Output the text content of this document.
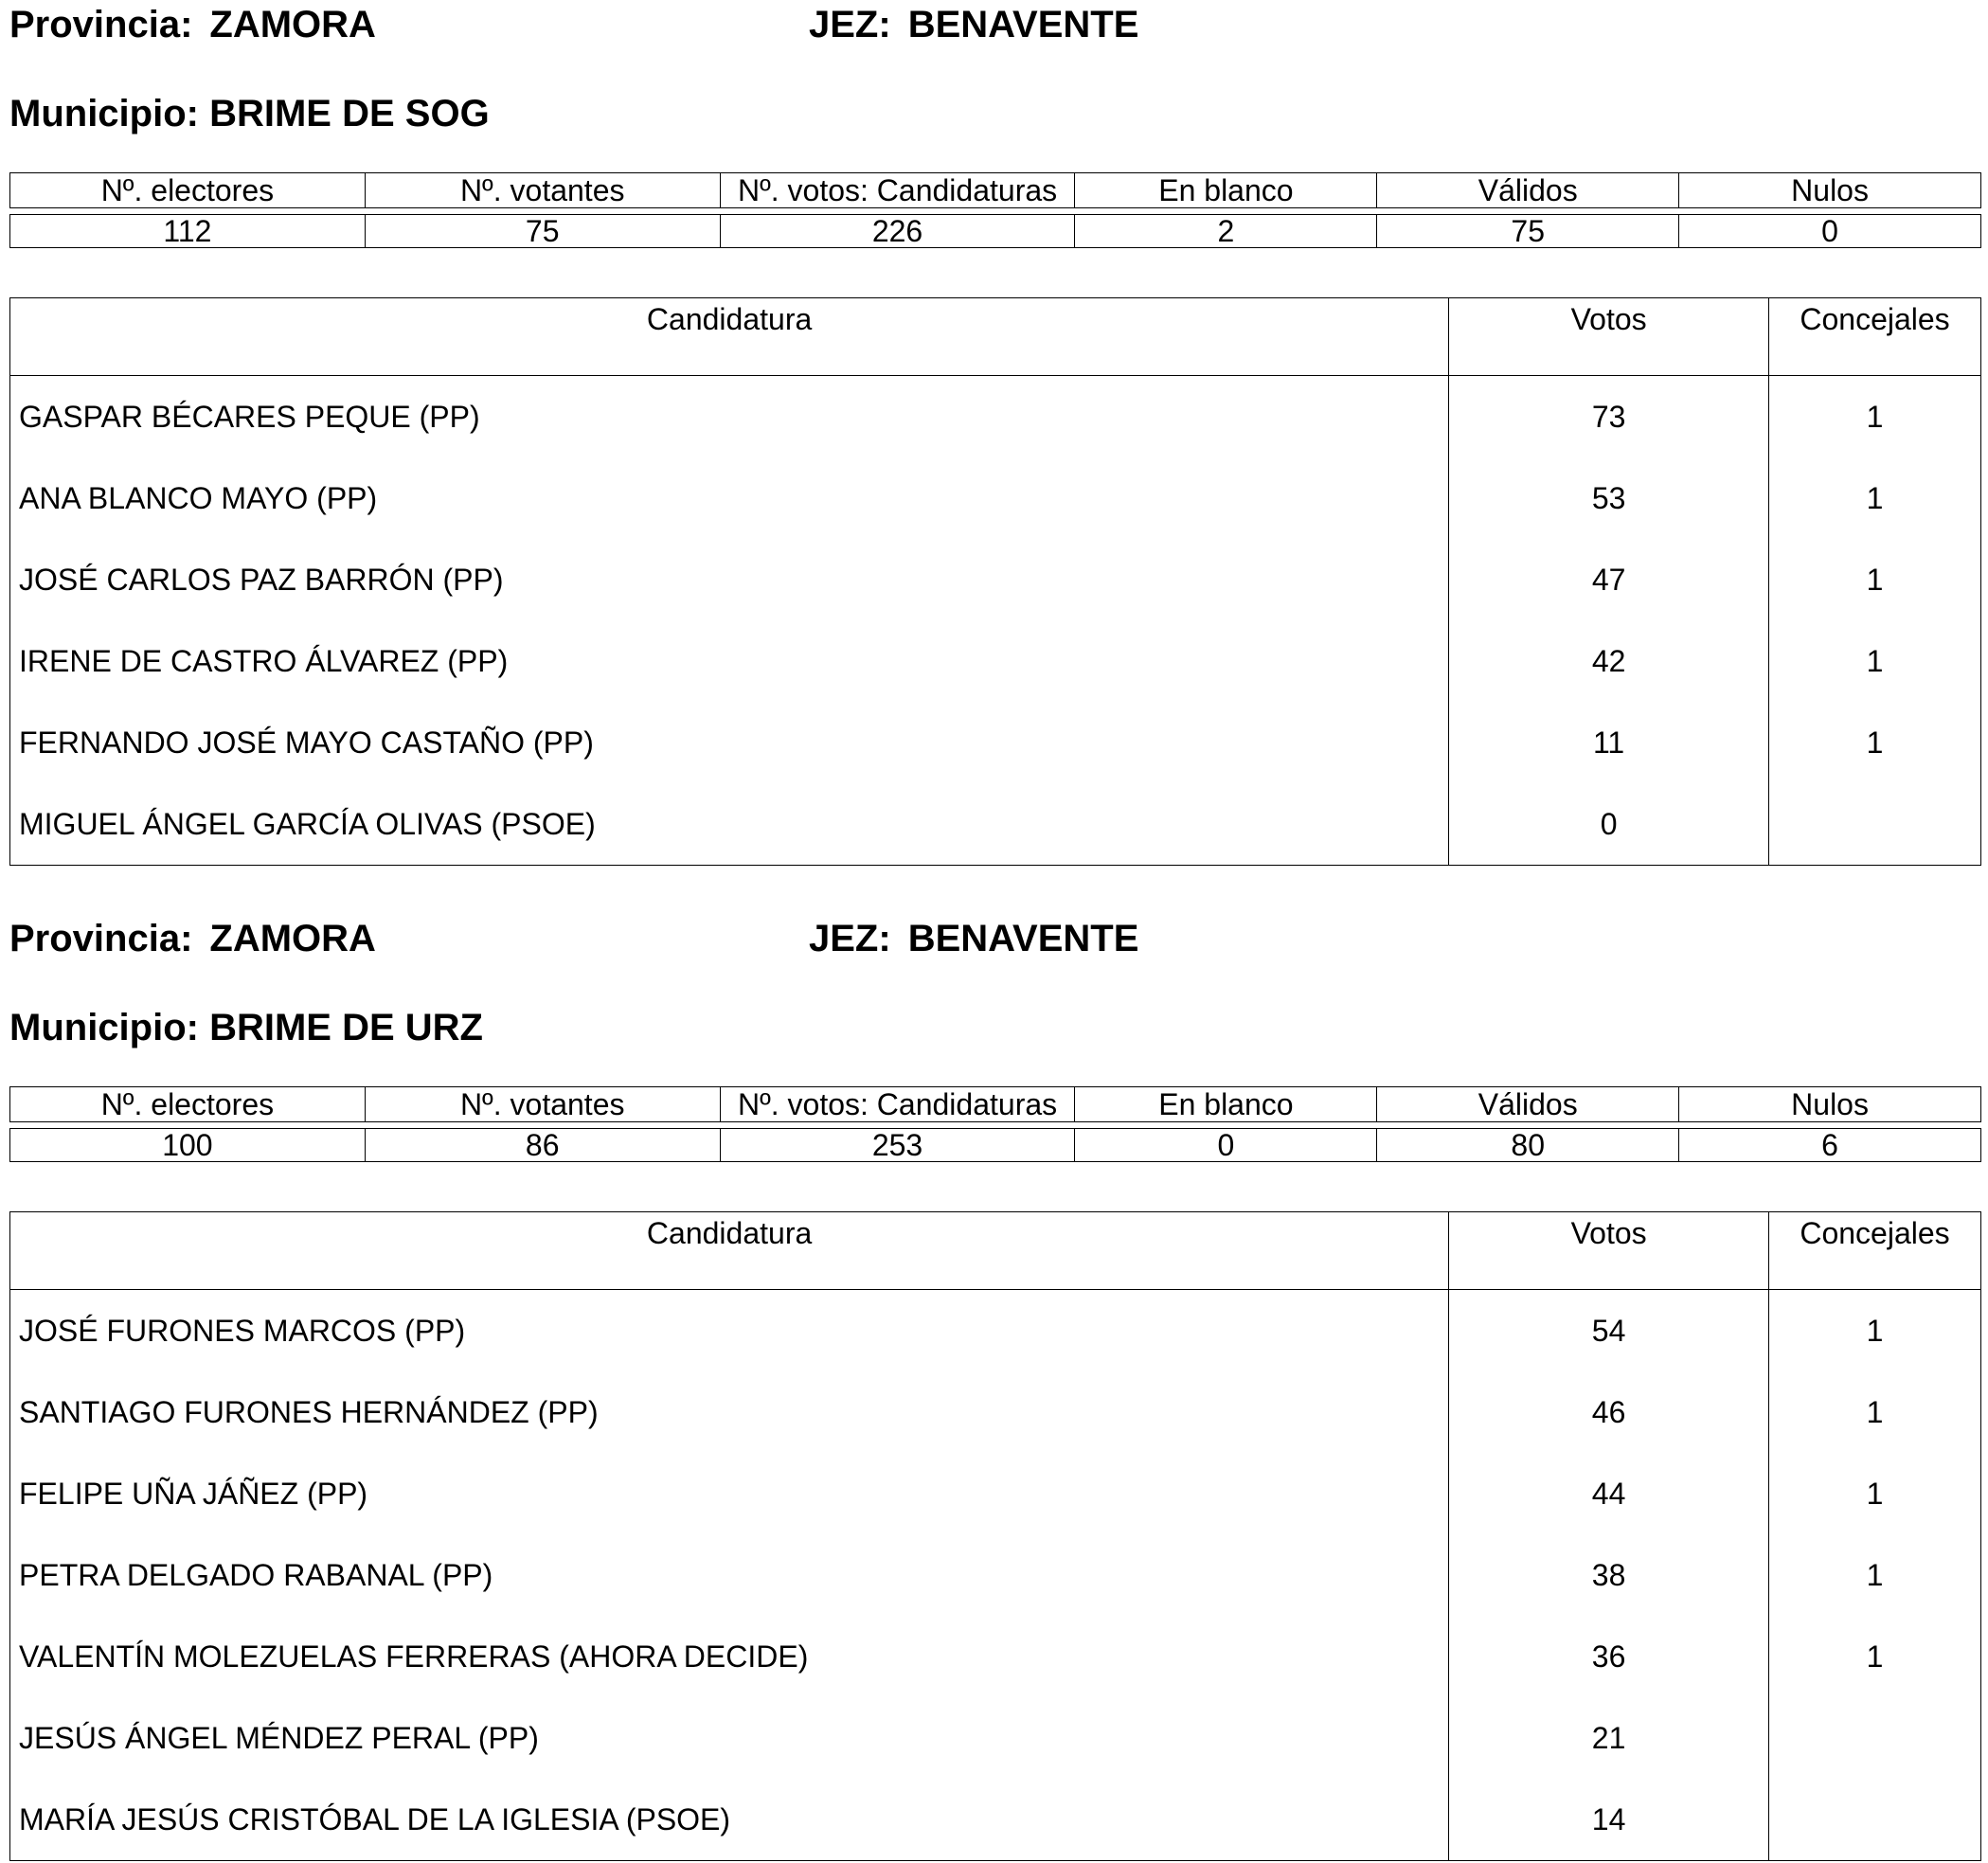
Provincia: ZAMORA	JEZ: BENAVENTE
Municipio: BRIME DE SOG
Nº. electores	Nº. votantes	Nº. votos: Candidaturas	En blanco	Válidos	Nulos
112	75	226	2	75	0
Candidatura	Votos	Concejales
GASPAR BÉCARES PEQUE (PP)	73	1
ANA BLANCO MAYO (PP)	53	1
JOSÉ CARLOS PAZ BARRÓN (PP)	47	1
IRENE DE CASTRO ÁLVAREZ (PP)	42	1
FERNANDO JOSÉ MAYO CASTAÑO (PP)	11	1
MIGUEL ÁNGEL GARCÍA OLIVAS (PSOE)	0	
Provincia: ZAMORA	JEZ: BENAVENTE
Municipio: BRIME DE URZ
Nº. electores	Nº. votantes	Nº. votos: Candidaturas	En blanco	Válidos	Nulos
100	86	253	0	80	6
Candidatura	Votos	Concejales
JOSÉ FURONES MARCOS (PP)	54	1
SANTIAGO FURONES HERNÁNDEZ (PP)	46	1
FELIPE UÑA JÁÑEZ (PP)	44	1
PETRA DELGADO RABANAL (PP)	38	1
VALENTÍN MOLEZUELAS FERRERAS (AHORA DECIDE)	36	1
JESÚS ÁNGEL MÉNDEZ PERAL (PP)	21	
MARÍA JESÚS CRISTÓBAL DE LA IGLESIA (PSOE)	14	
